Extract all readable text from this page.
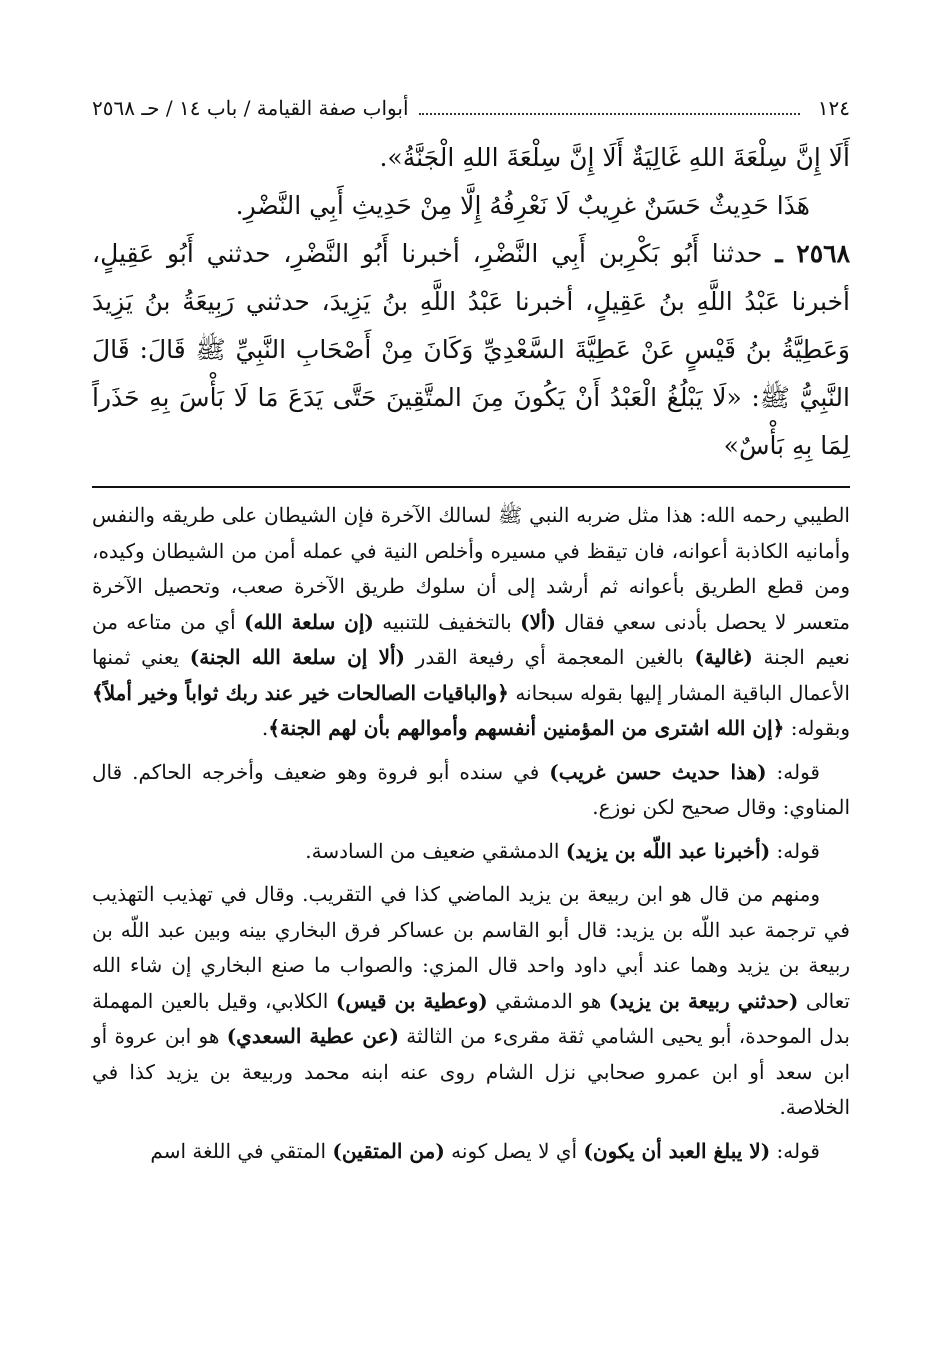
١٢٤
أبواب صفة القيامة / باب ١٤ / حـ ٢٥٦٨

أَلَا إِنَّ سِلْعَةَ اللهِ غَالِيَةٌ أَلَا إِنَّ سِلْعَةَ اللهِ الْجَنَّةُ».

هَذَا حَدِيثٌ حَسَنٌ غرِيبٌ لَا نَعْرِفُهُ إِلَّا مِنْ حَدِيثِ أَبِي النَّضْرِ.

٢٥٦٨ ـ حدثنا أَبُو بَكْرِبن أَبِي النَّضْرِ، أخبرنا أَبُو النَّضْرِ، حدثني أَبُو عَقِيلٍ، أخبرنا عَبْدُ اللَّهِ بنُ عَقِيلٍ، أخبرنا عَبْدُ اللَّهِ بنُ يَزِيدَ، حدثني رَبِيعَةُ بنُ يَزِيدَ وَعَطِيَّةُ بنُ قَيْسٍ عَنْ عَطِيَّةَ السَّعْدِيِّ وَكَانَ مِنْ أَصْحَابِ النَّبِيِّ ﷺ قَالَ: قَالَ النَّبِيُّ ﷺ: «لَا يَبْلُغُ الْعَبْدُ أَنْ يَكُونَ مِنَ المتَّقِينَ حَتَّى يَدَعَ مَا لَا بَأْسَ بِهِ حَذَراً لِمَا بِهِ بَأْسٌ»

الطيبي رحمه الله: هذا مثل ضربه النبي ﷺ لسالك الآخرة فإن الشيطان على طريقه والنفس وأمانيه الكاذبة أعوانه، فان تيقظ في مسيره وأخلص النية في عمله أمن من الشيطان وكيده، ومن قطع الطريق بأعوانه ثم أرشد إلى أن سلوك طريق الآخرة صعب، وتحصيل الآخرة متعسر لا يحصل بأدنى سعي فقال (ألا) بالتخفيف للتنبيه (إن سلعة الله) أي من متاعه من نعيم الجنة (غالية) بالغين المعجمة أي رفيعة القدر (ألا إن سلعة الله الجنة) يعني ثمنها الأعمال الباقية المشار إليها بقوله سبحانه ﴿والباقيات الصالحات خير عند ربك ثواباً وخير أملاً﴾ وبقوله: ﴿إن الله اشترى من المؤمنين أنفسهم وأموالهم بأن لهم الجنة﴾.

قوله: (هذا حديث حسن غريب) في سنده أبو فروة وهو ضعيف وأخرجه الحاكم. قال المناوي: وقال صحيح لكن نوزع.

قوله: (أخبرنا عبد اللّه بن يزيد) الدمشقي ضعيف من السادسة.

ومنهم من قال هو ابن ربيعة بن يزيد الماضي كذا في التقريب. وقال في تهذيب التهذيب في ترجمة عبد اللّه بن يزيد: قال أبو القاسم بن عساكر فرق البخاري بينه وبين عبد اللّه بن ربيعة بن يزيد وهما عند أبي داود واحد قال المزي: والصواب ما صنع البخاري إن شاء الله تعالى (حدثني ربيعة بن يزيد) هو الدمشقي (وعطية بن قيس) الكلابي، وقيل بالعين المهملة بدل الموحدة، أبو يحيى الشامي ثقة مقرىء من الثالثة (عن عطية السعدي) هو ابن عروة أو ابن سعد أو ابن عمرو صحابي نزل الشام روى عنه ابنه محمد وربيعة بن يزيد كذا في الخلاصة.

قوله: (لا يبلغ العبد أن يكون) أي لا يصل كونه (من المتقين) المتقي في اللغة اسم
